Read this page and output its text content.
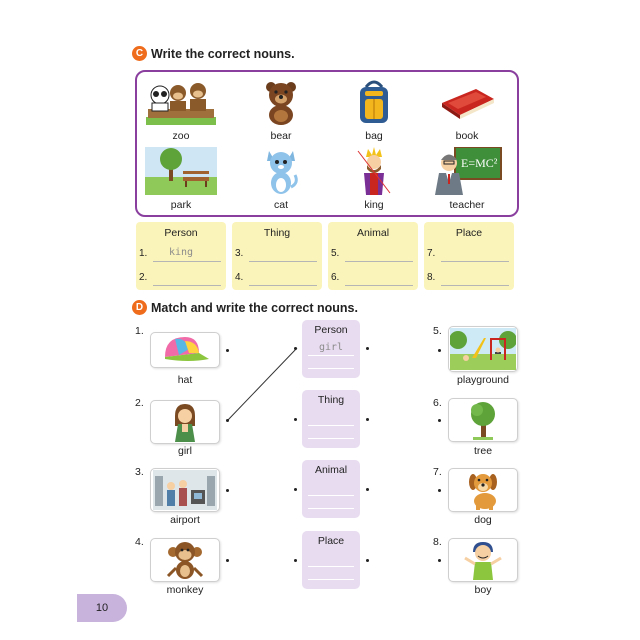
C Write the correct nouns.
zoo	bear	bag	book
park	cat	king
E=MC²
teacher
Person
1. king
2.
Thing
3.
4.
Animal
5.
6.
Place
7.
8.
D Match and write the correct nouns.
1.
hat
2.
girl
3.
airport
4.
monkey
Person
girl
Thing
Animal
Place
5.
playground
6.
tree
7.
dog
8.
boy
10
